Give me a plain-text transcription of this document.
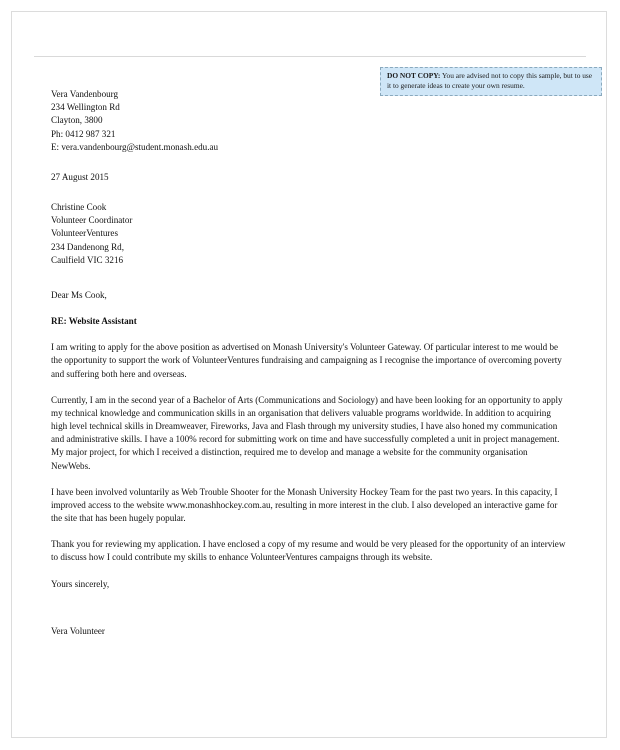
DO NOT COPY: You are advised not to copy this sample, but to use it to generate ideas to create your own resume.
Vera Vandenbourg
234 Wellington Rd
Clayton, 3800
Ph: 0412 987 321
E: vera.vandenbourg@student.monash.edu.au
27 August 2015
Christine Cook
Volunteer Coordinator
VolunteerVentures
234 Dandenong Rd,
Caulfield VIC 3216
Dear Ms Cook,
RE: Website Assistant

I am writing to apply for the above position as advertised on Monash University's Volunteer Gateway. Of particular interest to me would be the opportunity to support the work of VolunteerVentures fundraising and campaigning as I recognise the importance of overcoming poverty and suffering both here and overseas.

Currently, I am in the second year of a Bachelor of Arts (Communications and Sociology) and have been looking for an opportunity to apply my technical knowledge and communication skills in an organisation that delivers valuable programs worldwide. In addition to acquiring high level technical skills in Dreamweaver, Fireworks, Java and Flash through my university studies, I have also honed my communication and administrative skills. I have a 100% record for submitting work on time and have successfully completed a unit in project management. My major project, for which I received a distinction, required me to develop and manage a website for the community organisation NewWebs.

I have been involved voluntarily as Web Trouble Shooter for the Monash University Hockey Team for the past two years. In this capacity, I improved access to the website www.monashhockey.com.au, resulting in more interest in the club. I also developed an interactive game for the site that has been hugely popular.

Thank you for reviewing my application. I have enclosed a copy of my resume and would be very pleased for the opportunity of an interview to discuss how I could contribute my skills to enhance VolunteerVentures campaigns through its website.

Yours sincerely,
Vera Volunteer
